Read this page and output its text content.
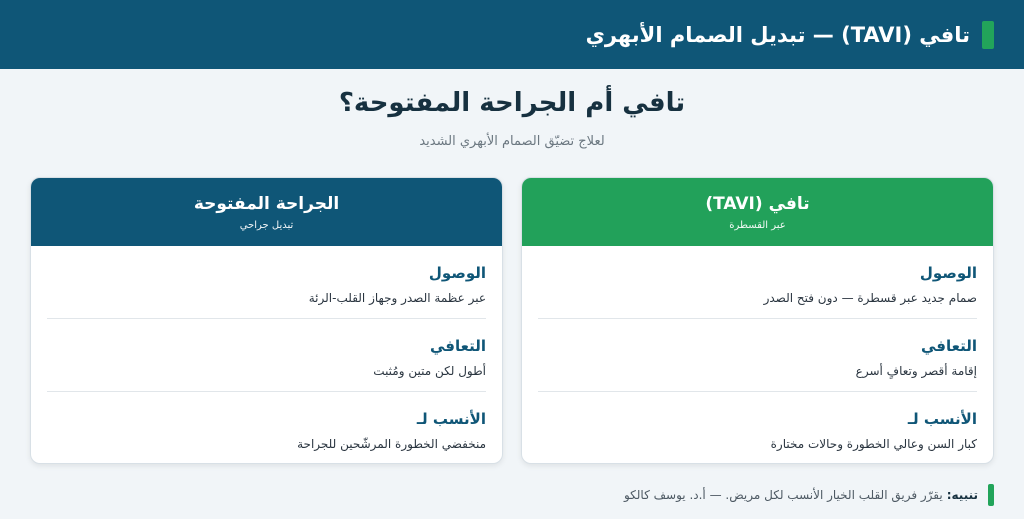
تافي (TAVI) — تبديل الصمام الأبهري
تافي أم الجراحة المفتوحة؟
لعلاج تضيّق الصمام الأبهري الشديد
تافي (TAVI)
عبر القسطرة
الوصول
صمام جديد عبر قسطرة — دون فتح الصدر
التعافي
إقامة أقصر وتعافٍ أسرع
الأنسب لـ
كبار السن وعالي الخطورة وحالات مختارة
الجراحة المفتوحة
تبديل جراحي
الوصول
عبر عظمة الصدر وجهاز القلب-الرئة
التعافي
أطول لكن متين ومُثبت
الأنسب لـ
منخفضي الخطورة المرشّحين للجراحة
تنبيه:
يقرّر فريق القلب الخيار الأنسب لكل مريض. — أ.د. يوسف كالكو
